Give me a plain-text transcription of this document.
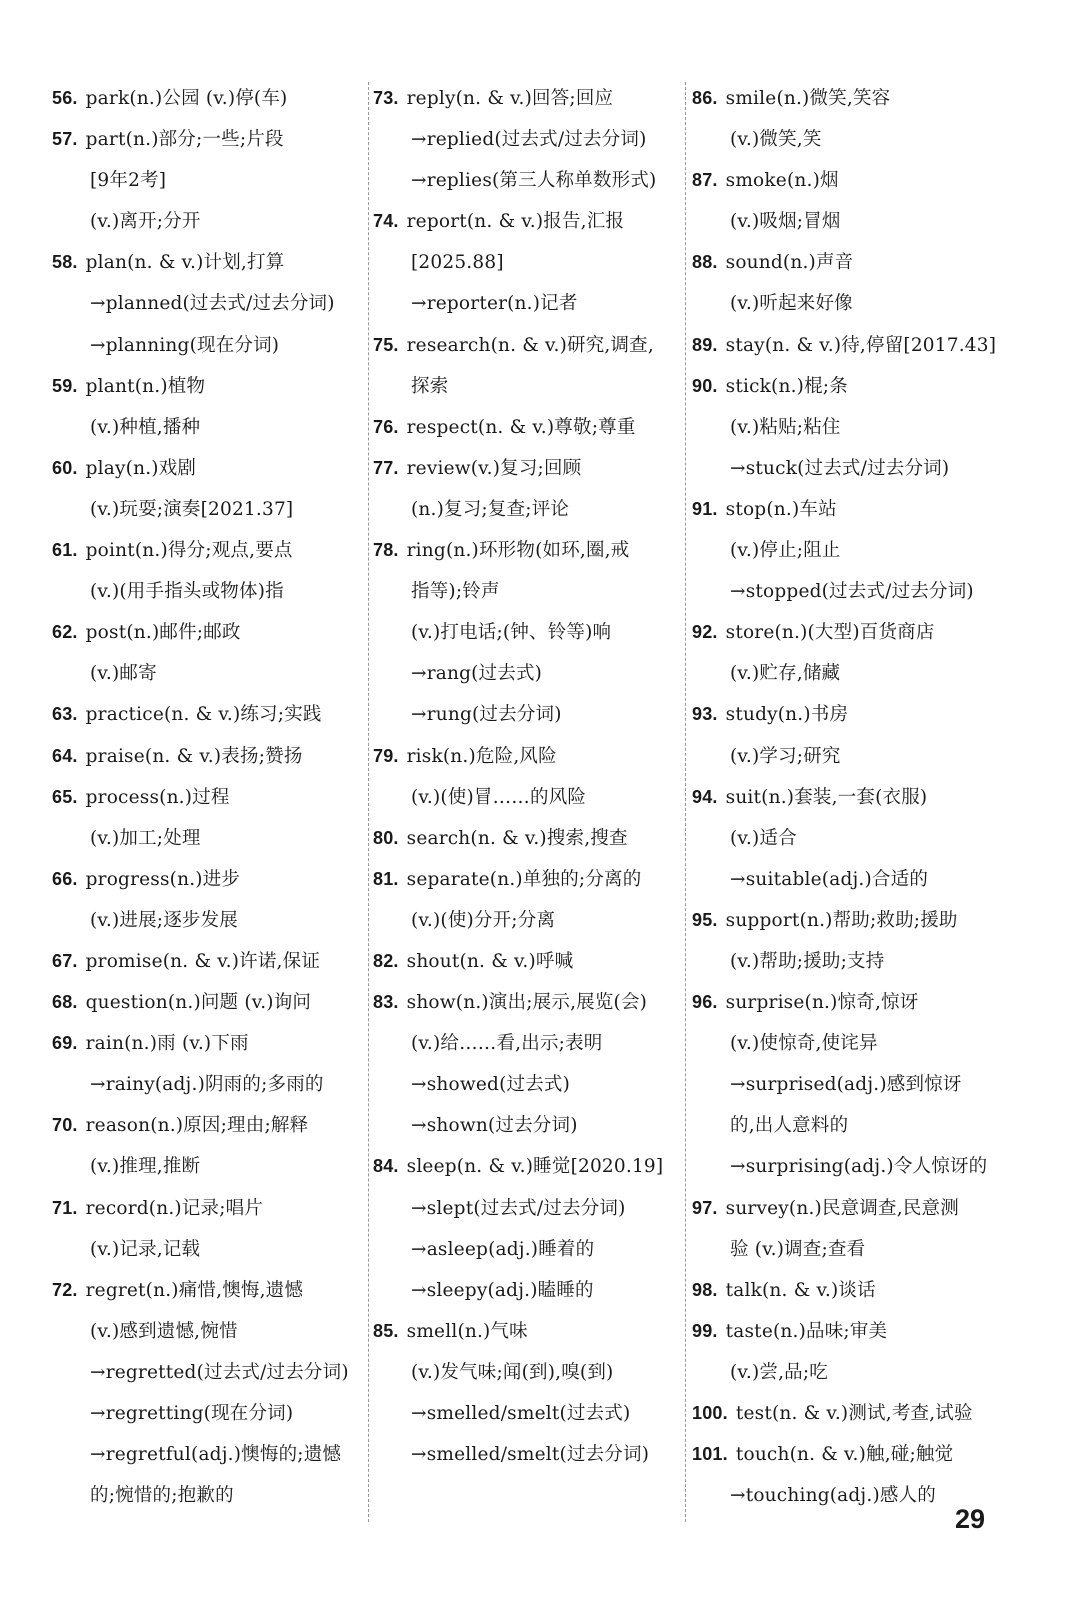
56. park(n.)公园 (v.)停(车)
57. part(n.)部分;一些;片段
[9年2考]
(v.)离开;分开
58. plan(n. & v.)计划,打算
→planned(过去式/过去分词)
→planning(现在分词)
59. plant(n.)植物
(v.)种植,播种
60. play(n.)戏剧
(v.)玩耍;演奏[2021.37]
61. point(n.)得分;观点,要点
(v.)(用手指头或物体)指
62. post(n.)邮件;邮政
(v.)邮寄
63. practice(n. & v.)练习;实践
64. praise(n. & v.)表扬;赞扬
65. process(n.)过程
(v.)加工;处理
66. progress(n.)进步
(v.)进展;逐步发展
67. promise(n. & v.)许诺,保证
68. question(n.)问题 (v.)询问
69. rain(n.)雨 (v.)下雨
→rainy(adj.)阴雨的;多雨的
70. reason(n.)原因;理由;解释
(v.)推理,推断
71. record(n.)记录;唱片
(v.)记录,记载
72. regret(n.)痛惜,懊悔,遗憾
(v.)感到遗憾,惋惜
→regretted(过去式/过去分词)
→regretting(现在分词)
→regretful(adj.)懊悔的;遗憾
的;惋惜的;抱歉的
73. reply(n. & v.)回答;回应
→replied(过去式/过去分词)
→replies(第三人称单数形式)
74. report(n. & v.)报告,汇报
[2025.88]
→reporter(n.)记者
75. research(n. & v.)研究,调查,
探索
76. respect(n. & v.)尊敬;尊重
77. review(v.)复习;回顾
(n.)复习;复查;评论
78. ring(n.)环形物(如环,圈,戒
指等);铃声
(v.)打电话;(钟、铃等)响
→rang(过去式)
→rung(过去分词)
79. risk(n.)危险,风险
(v.)(使)冒……的风险
80. search(n. & v.)搜索,搜查
81. separate(n.)单独的;分离的
(v.)(使)分开;分离
82. shout(n. & v.)呼喊
83. show(n.)演出;展示,展览(会)
(v.)给……看,出示;表明
→showed(过去式)
→shown(过去分词)
84. sleep(n. & v.)睡觉[2020.19]
→slept(过去式/过去分词)
→asleep(adj.)睡着的
→sleepy(adj.)瞌睡的
85. smell(n.)气味
(v.)发气味;闻(到),嗅(到)
→smelled/smelt(过去式)
→smelled/smelt(过去分词)
86. smile(n.)微笑,笑容
(v.)微笑,笑
87. smoke(n.)烟
(v.)吸烟;冒烟
88. sound(n.)声音
(v.)听起来好像
89. stay(n. & v.)待,停留[2017.43]
90. stick(n.)棍;条
(v.)粘贴;粘住
→stuck(过去式/过去分词)
91. stop(n.)车站
(v.)停止;阻止
→stopped(过去式/过去分词)
92. store(n.)(大型)百货商店
(v.)贮存,储藏
93. study(n.)书房
(v.)学习;研究
94. suit(n.)套装,一套(衣服)
(v.)适合
→suitable(adj.)合适的
95. support(n.)帮助;救助;援助
(v.)帮助;援助;支持
96. surprise(n.)惊奇,惊讶
(v.)使惊奇,使诧异
→surprised(adj.)感到惊讶
的,出人意料的
→surprising(adj.)令人惊讶的
97. survey(n.)民意调查,民意测
验 (v.)调查;查看
98. talk(n. & v.)谈话
99. taste(n.)品味;审美
(v.)尝,品;吃
100. test(n. & v.)测试,考查,试验
101. touch(n. & v.)触,碰;触觉
→touching(adj.)感人的
29
